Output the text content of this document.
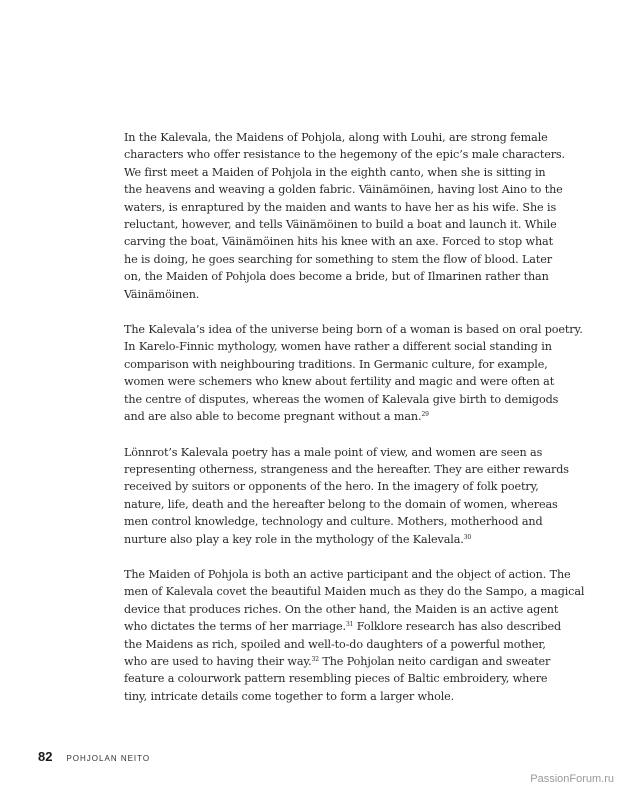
In the Kalevala, the Maidens of Pohjola, along with Louhi, are strong female
characters who offer resistance to the hegemony of the epic’s male characters.
We first meet a Maiden of Pohjola in the eighth canto, when she is sitting in
the heavens and weaving a golden fabric. Väinämöinen, having lost Aino to the
waters, is enraptured by the maiden and wants to have her as his wife. She is
reluctant, however, and tells Väinämöinen to build a boat and launch it. While
carving the boat, Väinämöinen hits his knee with an axe. Forced to stop what
he is doing, he goes searching for something to stem the flow of blood. Later
on, the Maiden of Pohjola does become a bride, but of Ilmarinen rather than
Väinämöinen.

The Kalevala’s idea of the universe being born of a woman is based on oral poetry.
In Karelo-Finnic mythology, women have rather a different social standing in
comparison with neighbouring traditions. In Germanic culture, for example,
women were schemers who knew about fertility and magic and were often at
the centre of disputes, whereas the women of Kalevala give birth to demigods
and are also able to become pregnant without a man.$^{29}$

Lönnrot’s Kalevala poetry has a male point of view, and women are seen as
representing otherness, strangeness and the hereafter. They are either rewards
received by suitors or opponents of the hero. In the imagery of folk poetry,
nature, life, death and the hereafter belong to the domain of women, whereas
men control knowledge, technology and culture. Mothers, motherhood and
nurture also play a key role in the mythology of the Kalevala.$^{30}$

The Maiden of Pohjola is both an active participant and the object of action. The
men of Kalevala covet the beautiful Maiden much as they do the Sampo, a magical
device that produces riches. On the other hand, the Maiden is an active agent
who dictates the terms of her marriage.$^{31}$ Folklore research has also described
the Maidens as rich, spoiled and well-to-do daughters of a powerful mother,
who are used to having their way.$^{32}$ The Pohjolan neito cardigan and sweater
feature a colourwork pattern resembling pieces of Baltic embroidery, where
tiny, intricate details come together to form a larger whole.

82 POHJOLAN NEITO
PassionForum.ru
